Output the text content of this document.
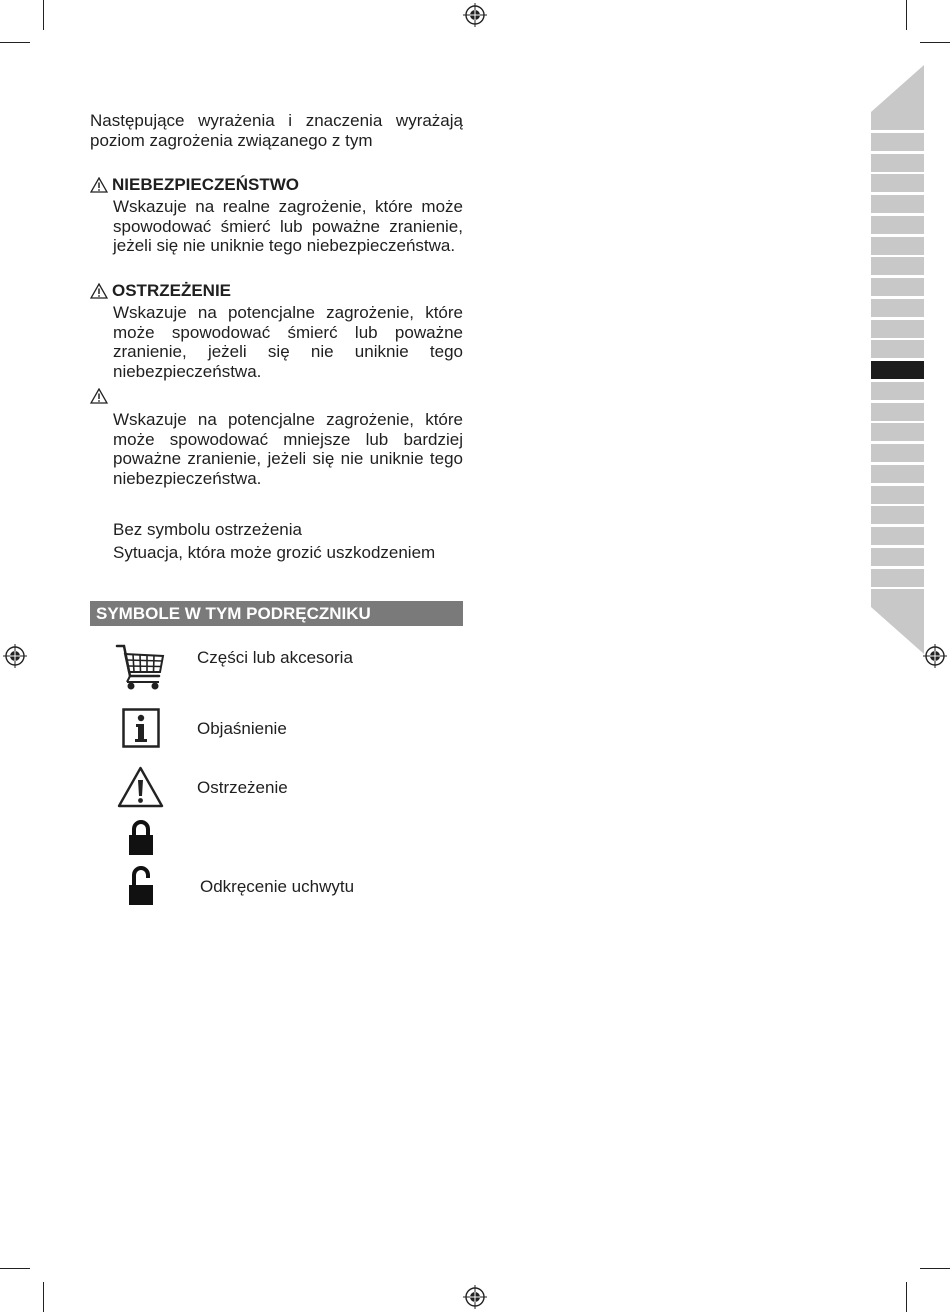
Następujące wyrażenia i znaczenia wyrażają poziom zagrożenia związanego z tym
NIEBEZPIECZEŃSTWO
Wskazuje na realne zagrożenie, które może spowodować śmierć lub poważne zranienie, jeżeli się nie uniknie tego niebezpieczeństwa.
OSTRZEŻENIE
Wskazuje na potencjalne zagrożenie, które może spowodować śmierć lub poważne zranienie, jeżeli się nie uniknie tego niebezpieczeństwa.
Wskazuje na potencjalne zagrożenie, które może spowodować mniejsze lub bardziej poważne zranienie, jeżeli się nie uniknie tego niebezpieczeństwa.
Bez symbolu ostrzeżenia
Sytuacja, która może grozić uszkodzeniem
SYMBOLE W TYM PODRĘCZNIKU
Części lub akcesoria
Objaśnienie
Ostrzeżenie
Odkręcenie uchwytu
